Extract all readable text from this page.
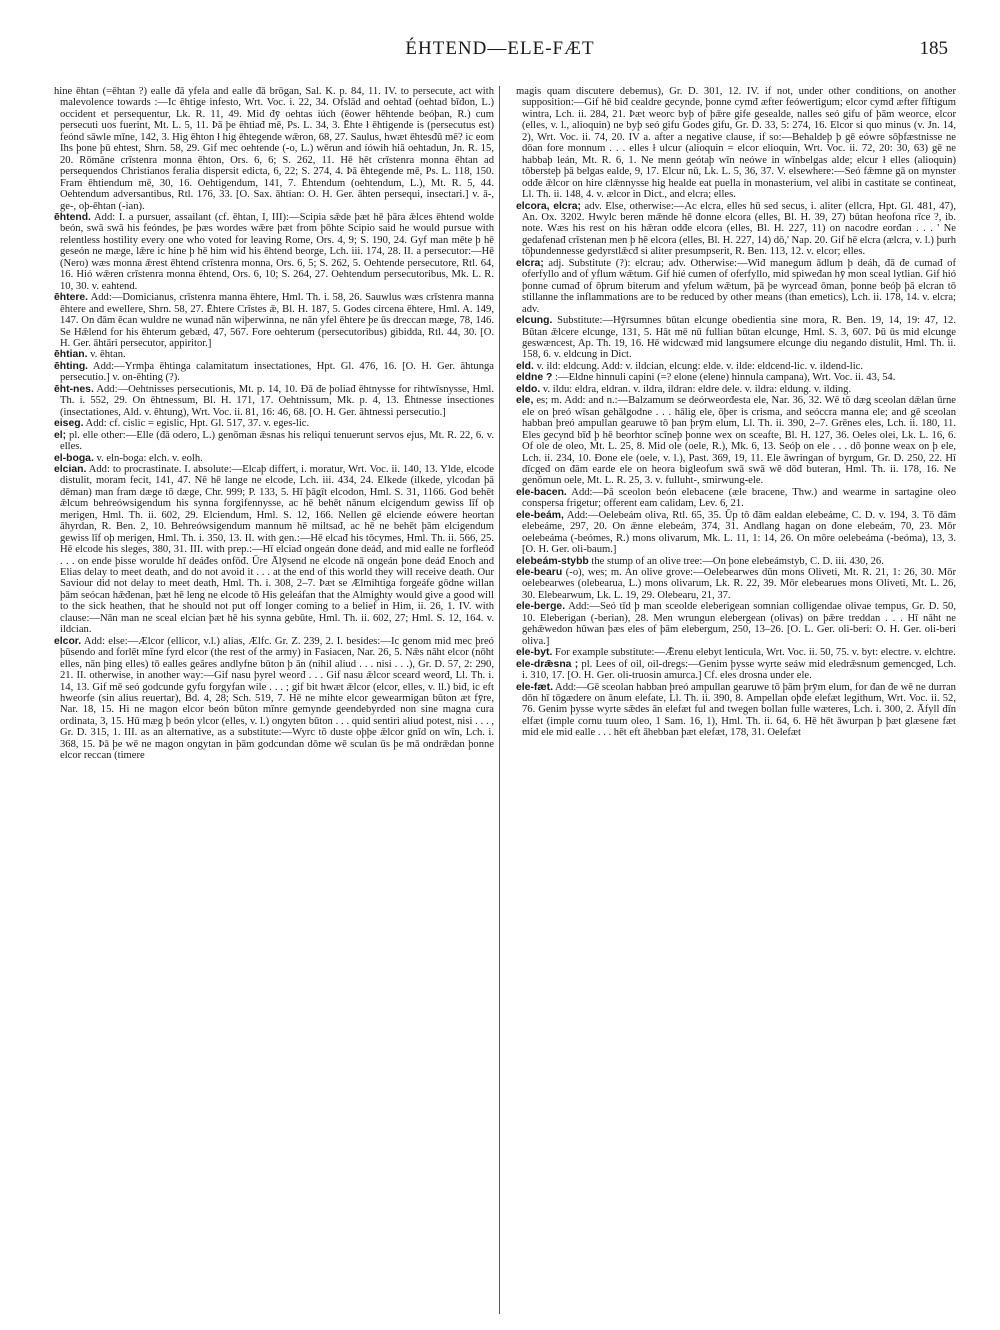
ÉHTEND—ELE-FÆT	185

hine ēhtan (=ēhtan ?) ealle đā yfela and ealle đā brōgan, Sal. K. p. 84, 11. IV. to persecute, act with malevolence towards :—Ic ēhtige infesto, Wrt. Voc. i. 22, 34. Ofslād and oehtađ (oehtad bīđon, L.) occident et persequentur, Lk. R. 11, 49. Mid đȳ oehtas iúch (ēower hēhtende beóþan, R.) cum persecuti uos fuerint, Mt. L. 5, 11. Þā þe ēhtiađ mē, Ps. L. 34, 3. Ēhte ł ēhtigende is (persecutus est) feónd sāwle mīne, 142, 3. Hig ēhton ł hig ēhtegende wǣron, 68, 27. Saulus, hwæt ēhtesđū mē? ic eom Ihs þone þū ehtest, Shrn. 58, 29. Gif mec oehtende (-o, L.) wērun and íówih hiā oehtadun, Jn. R. 15, 20. Rōmāne crīstenra monna ēhton, Ors. 6, 6; S. 262, 11. Hē hēt crīstenra monna ēhtan ad persequendos Christianos feralia dispersit edicta, 6, 22; S. 274, 4. Þā ēhtegende mē, Ps. L. 118, 150. Fram ēhtiendum mē, 30, 16. Oehtigendum, 141, 7. Ēhtendum (oehtendum, L.), Mt. R. 5, 44. Oehtendum adversantibus, Rtl. 176, 33. [O. Sax. āhtian: O. H. Ger. āhten persequi, insectari.] v. ā-, ge-, oþ-ēhtan (-ian).

ēhtend. Add: I. a pursuer, assailant (cf. ēhtan, I, III):—Scipia sǣde þæt hē þāra ǣlces ēhtend wolde beón, swā swā his feóndes, þe þæs wordes wǣre þæt from þōhte Scipio said he would pursue with relentless hostility every one who voted for leaving Rome, Ors. 4, 9; S. 190, 24. Gyf man mēte þ hē geseón ne mæge, lǣre ic hine þ hē him wiđ his ēhtend beorge, Lch. iii. 174, 28. II. a persecutor:—Hē (Nero) wæs monna ǣrest ēhtend crīstenra monna, Ors. 6, 5; S. 262, 5. Oehtende persecutore, Rtl. 64, 16. Hió wǣren crīstenra monna ēhtend, Ors. 6, 10; S. 264, 27. Oehtendum persecutoribus, Mk. L. R. 10, 30. v. eahtend.

ēhtere. Add:—Domicianus, crīstenra manna ēhtere, Hml. Th. i. 58, 26. Sauwlus wæs crīstenra manna ēhtere and ewellere, Shrn. 58, 27. Ēhtere Crīstes ǣ, Bl. H. 187, 5. Godes circena ēhtere, Hml. A. 149, 147. On đām ēcan wuldre ne wunađ nān wiþerwinna, ne nān yfel ēhtere þe ūs dreccan mæge, 78, 146. Se Hǣlend for his ēhterum gebæd, 47, 567. Fore oehterum (persecutoribus) gibidda, Rtl. 44, 30. [O. H. Ger. āhtāri persecutor, appiritor.]

ēhtian. v. ēhtan.

ēhting. Add:—Yrmþa ēhtinga calamitatum insectationes, Hpt. Gl. 476, 16. [O. H. Ger. āhtunga persecutio.] v. on-ēhting (?).

ēht-nes. Add:—Oehtnisses persecutionis, Mt. p. 14, 10. Đā đe þoliađ ēhtnysse for rihtwīsnysse, Hml. Th. i. 552, 29. On ēhtnessum, Bl. H. 171, 17. Oehtnissum, Mk. p. 4, 13. Ēhtnesse insectiones (insectationes, Ald. v. ēhtung), Wrt. Voc. ii. 81, 16: 46, 68. [O. H. Ger. āhtnessi persecutio.]

eiseg. Add: cf. cislic = egislic, Hpt. Gl. 517, 37. v. eges-lic.

el; pl. elle other:—Elle (đā odero, L.) genōman ǣsnas his reliqui tenuerunt servos ejus, Mt. R. 22, 6. v. elles.

el-boga. v. eln-boga: elch. v. eolh.

elcian. Add: to procrastinate. I. absolute:—Elcaþ differt, i. moratur, Wrt. Voc. ii. 140, 13. Ylde, elcode distulit, moram fecit, 141, 47. Nē hē lange ne elcode, Lch. iii. 434, 24. Elkede (ilkede, ylcodan þā dēman) man fram dæge tō dæge, Chr. 999; P. 133, 5. Hī þāgīt elcodon, Hml. S. 31, 1166. God behēt ǣlcum behreówsigendum his synna forgifennysse, ac hē behēt nānum elcigendum gewiss līf oþ merigen, Hml. Th. ii. 602, 29. Elciendum, Hml. S. 12, 166. Nellen gē elciende eówere heortan āhyrdan, R. Ben. 2, 10. Behreówsigendum mannum hē miltsađ, ac hē ne behēt þām elcigendum gewiss līf oþ merigen, Hml. Th. i. 350, 13. II. with gen.:—Hē elcađ his tōcymes, Hml. Th. ii. 566, 25. Hē elcode his sleges, 380, 31. III. with prep.:—Hī elciađ ongeán đone deáđ, and mid ealle ne forfleóđ . . . on ende þisse woruldе hī deáđes onfōđ. Ūre Ālȳsend ne elcode nā ongeán þone deáđ Enoch and Elias delay to meet death, and do not avoid it . . . at the end of this world they will receive death. Our Saviour did not delay to meet death, Hml. Th. i. 308, 2–7. Þæt se Ælmihtiga forgeáfe gōdne willan þām seócan hǣđenan, þæt hē leng ne elcode tō His geleáfan that the Almighty would give a good will to the sick heathen, that he should not put off longer coming to a belief in Him, ii. 26, 1. IV. with clause:—Nān man ne sceal elcian þæt hē his synna gebūte, Hml. Th. ii. 602, 27; Hml. S. 12, 164. v. ildcian.

elcor. Add: else:—Ælcor (ellicor, v.l.) alias, Ælfc. Gr. Z. 239, 2. I. besides:—Ic genom mid mec þreó þūsendo and forlēt mīne fyrd elcor (the rest of the army) in Fasiacen, Nar. 26, 5. Nǣs nāht elcor (nōht elles, nān þing elles) tō ealles geāres andlyfne būton þ ān (nihil aliud . . . nisi . . .), Gr. D. 57, 2: 290, 21. II. otherwise, in another way:—Gif nasu þyrel weorđ . . . Gif nasu ǣlcor sceard weorđ, Ll. Th. i. 14, 13. Gif mē seó godcunde gyfu forgyfan wile . . . ; gif bit hwæt ǣlcor (elcor, elles, v. ll.) biđ, ic eft hweorfe (sin alius reuertar), Bd. 4, 28; Sch. 519, 7. Hē ne mihte elcor gewearmigan būton æt fȳre, Nar. 18, 15. Hi ne magon elcor beón būton mīnre gemynde geendebyrded non sine magna cura ordinata, 3, 15. Hū mæg þ beón ylcor (elles, v. l.) ongyten būton . . . quid sentiri aliud potest, nisi . . . , Gr. D. 315, 1. III. as an alternative, as a substitute:—Wyrc tō duste oþþe ǣlcor gnīd on wīn, Lch. i. 368, 15. Þā þe wē ne magon ongytan in þām godcundan dōme wē sculan ūs þe mā ondrǣdan þonne elcor reccan (timere

magis quam discutere debemus), Gr. D. 301, 12. IV. if not, under other conditions, on another supposition:—Gif hē biđ cealdre gecynde, þonne cymđ æfter feówertigum; elcor cymđ æfter fīftigum wintra, Lch. ii. 284, 21. Þæt weorc byþ of þǣre gife gesealde, nalles seó gifu of þām weorce, elcor (elles, v. l., alioquin) ne byþ seó gifu Godes gifu, Gr. D. 33, 5: 274, 16. Elcor si quo minus (v. Jn. 14, 2), Wrt. Voc. ii. 74, 20. IV a. after a negative clause, if so:—Behaldeþ þ gē eówre sōþfæstnisse ne dōan fore monnum . . . elles ł ulcur (alioquin = elcor elioquin, Wrt. Voc. ii. 72, 20: 30, 63) gē ne habbaþ leán, Mt. R. 6, 1. Ne menn geótaþ wīn neówe in wīnbelgas alde; elcur ł elles (alioquin) tōberstеþ þā belgas ealde, 9, 17. Elcur nū, Lk. L. 5, 36, 37. V. elsewhere:—Seó fǣmne gā on mynster odđe ǣlcor on hire clǣnnysse hig healde eat puella in monasterium, vel alibi in castitate se contineat, Ll. Th. ii. 148, 4. v. ælcor in Dict., and elcra; elles.

elcora, elcra; adv. Else, otherwise:—Ac elcra, elles hū sed secus, i. aliter (ellcra, Hpt. Gl. 481, 47), An. Ox. 3202. Hwylc beren mǣnde hē đonne elcora (elles, Bl. H. 39, 27) būtan heofona rīce ?, ib. note. Wæs his rest on his hǣran odđe elcora (elles, Bl. H. 227, 11) on nacodre eorđan . . . ' Ne gedafenađ crīstenan men þ hē elcora (elles, Bl. H. 227, 14) dō,' Nap. 20. Gif hē elcra (ælcra, v. l.) þurh tōþundennesse gedyrstlǣcđ si aliter presumpserit, R. Ben. 113, 12. v. elcor; elles.

elcra; adj. Substitute (?): elcrau; adv. Otherwise:—Wiđ manegum ādlum þ deáh, đā đe cumađ of oferfyllo and of yflum wǣtum. Gif hié cumen of oferfyllo, mid spiwеđan hȳ mon sceal lytlian. Gif hió þonne cumađ of ōþrum biterum and yfelum wǣtum, þā þe wyrceađ ōman, þonne beóþ þā elcran tō stillanne the inflammations are to be reduced by other means (than emetics), Lch. ii. 178, 14. v. elcra; adv.

elcung. Substitute:—Hȳrsumnes būtan elcunge obedientia sine mora, R. Ben. 19, 14, 19: 47, 12. Būtan ǣlcere elcunge, 131, 5. Hāt mē nū fullian būtan elcunge, Hml. S. 3, 607. Þū ūs mid elcunge geswæncest, Ap. Th. 19, 16. Hē widcwæđ mid langsumere elcunge diu negando distulit, Hml. Th. ii. 158, 6. v. eldcung in Dict.

eld. v. ild: eldcung. Add: v. ildcian, elcung: elde. v. ilde: eldcend-lic. v. ildend-lic.

eldne ? :—Eldne hinnuli capini (=? elone (elene) hinnula campana), Wrt. Voc. ii. 43, 54.

eldo. v. ildu: eldra, eldran. v. ildra, ildran: eldre dele. v. ildra: eldung. v. ilding.

ele, es; m. Add: and n.:—Balzamum se deórweorđesta ele, Nar. 36, 32. Wē tō dæg sceolan dǣlan ūrne ele on þreó wīsan gehālgodne . . . hālig ele, ōþer is crisma, and seóccra manna ele; and gē sceolan habban þreó ampullan gearuwe tō þan þrȳm elum, Ll. Th. ii. 390, 2–7. Grēnes eles, Lch. ii. 180, 11. Eles gecynd bīđ þ hē beorhtor scīneþ þonne wex on sceafte, Bl. H. 127, 36. Oeles olei, Lk. L. 16, 6. Of ole de oleo, Mt. L. 25, 8. Mid ole (oele, R.), Mk. 6, 13. Seóþ on ele . . . dō þonne weax on þ ele, Lch. ii. 234, 10. Đone ele (oele, v. l.), Past. 369, 19, 11. Ele āwringan of byrgum, Gr. D. 250, 22. Hī dīcgeđ on đām earde ele on heora bigleofum swā swā wē dōđ buteran, Hml. Th. ii. 178, 16. Ne genōmun oele, Mt. L. R. 25, 3. v. fulluht-, smirwung-ele.

ele-bacen. Add:—Þā sceolon beón elebacene (æle bracene, Thw.) and wearme in sartagine oleo conspersa frigetur; offerent eam calidam, Lev. 6, 21.

ele-beám, Add:—Oelebeám oliva, Rtl. 65, 35. Ūp tō đām ealdan elebeáme, C. D. v. 194, 3. Tō đām elebeáme, 297, 20. On ǣnne elebeám, 374, 31. Andlang hagan on đone elebeám, 70, 23. Mōr oelebeáma (-beómes, R.) mons olivarum, Mk. L. 11, 1: 14, 26. On mōre oelebeáma (-beóma), 13, 3. [O. H. Ger. oli-baum.]

elebeám-stybb the stump of an olive tree:—On þone elebeámstyb, C. D. iii. 430, 26.

ele-bearu (-o), wes; m. An olive grove:—Oelebearwes dūn mons Oliveti, Mt. R. 21, 1: 26, 30. Mōr oelebearwes (olebearua, L.) mons olivarum, Lk. R. 22, 39. Mōr elebearues mons Oliveti, Mt. L. 26, 30. Elebearwum, Lk. L. 19, 29. Olebearu, 21, 37.

ele-berge. Add:—Seó tīd þ man sceolde eleberigean somnian colligendae olivae tempus, Gr. D. 50, 10. Eleberigan (-berian), 28. Men wrungun elebergean (olivas) on þǣre treddan . . . Hī nāht ne gehǣwedon hūwan þæs eles of þām elebergum, 250, 13–26. [O. L. Ger. oli-beri: O. H. Ger. oli-beri oliva.]

ele-byt. For example substitute:—Ǣrenu elebyt lenticula, Wrt. Voc. ii. 50, 75. v. byt: electre. v. elchtre.

ele-drǣsna ; pl. Lees of oil, oil-dregs:—Genim þysse wyrte seáw mid eledrǣsnum gemencged, Lch. i. 310, 17. [O. H. Ger. oli-truosin amurca.] Cf. eles drosna under ele.

ele-fæt. Add:—Gē sceolan habban þreó ampullan gearuwe tō þām þrȳm elum, for đan đe wē ne durran dōn hī tōgædere on ānum elefate, Ll. Th. ii. 390, 8. Ampellan oþđe elefæt legithum, Wrt. Voc. ii. 52, 76. Genim þysse wyrte sǣdes ān elefæt ful and twegen bollan fulle wæteres, Lch. i. 300, 2. Āfyll đīn elfæt (imple cornu tuum oleo, 1 Sam. 16, 1), Hml. Th. ii. 64, 6. Hē hēt āwurpan þ þæt glæsene fæt mid ele mid ealle . . . hēt eft āhebban þæt elefæt, 178, 31. Oelefæt
